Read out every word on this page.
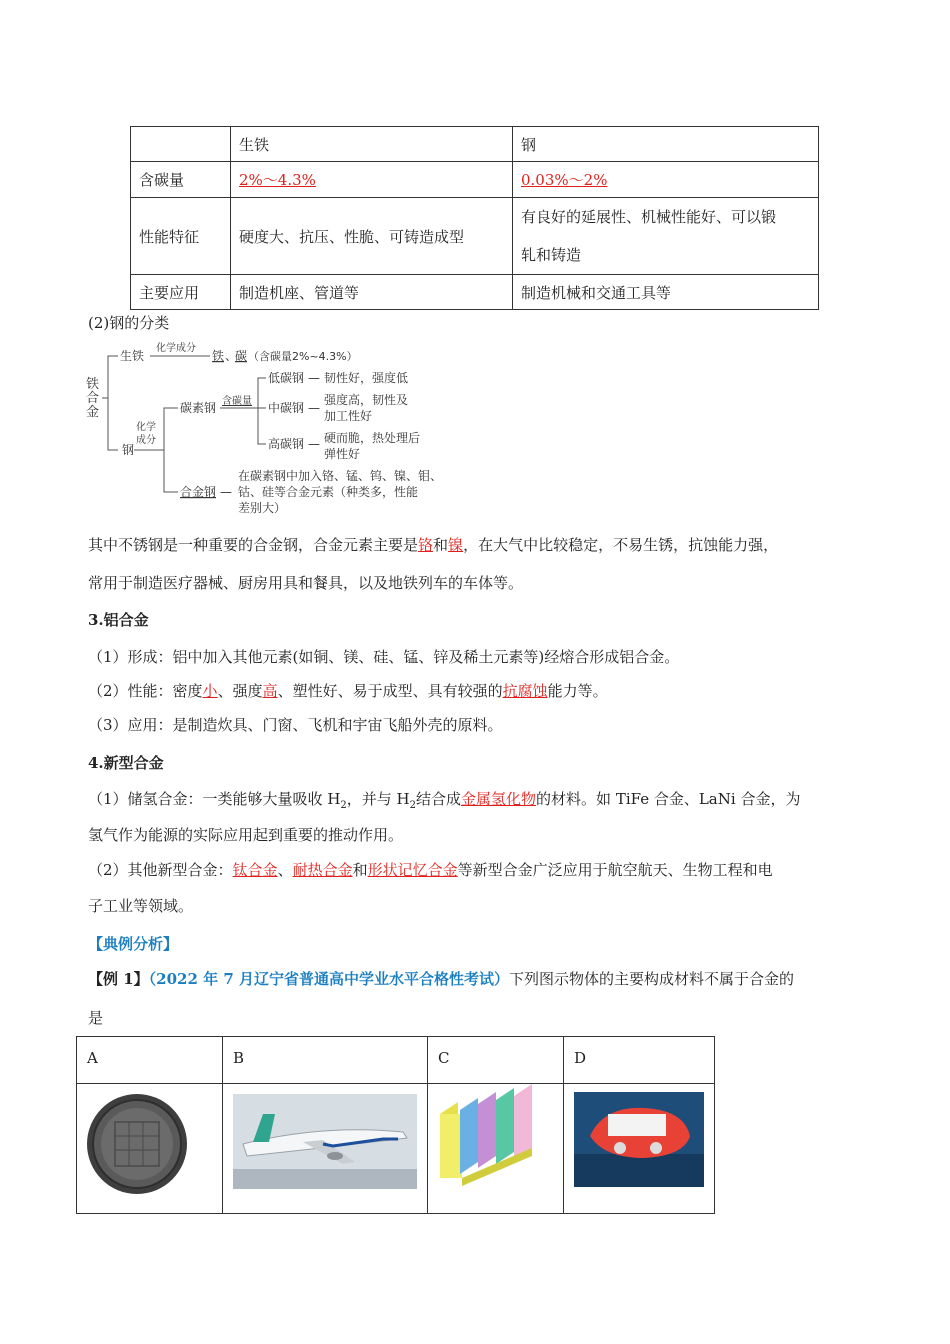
	生铁	钢
含碳量	2%～4.3%	0.03%～2%
性能特征	硬度大、抗压、性脆、可铸造成型	有良好的延展性、机械性能好、可以锻
轧和铸造

主要应用	制造机座、管道等	制造机械和交通工具等
(2)钢的分类
铁
合
金
生铁
化学成分
铁 、
碳 （含碳量2%~4.3%）
钢
化学
成分
碳素钢 含碳量
低碳钢 — 韧性好，强度低
中碳钢 —
强度高，韧性及
加工性好
高碳钢 — 硬而脆，热处理后
弹性好
合金钢 —
在碳素钢中加入铬、锰、钨、镍、钼、
钴、硅等合金元素（种类多，性能
差别大）
其中不锈钢是一种重要的合金钢，合金元素主要是铬和镍，在大气中比较稳定，不易生锈，抗蚀能力强，
常用于制造医疗器械、厨房用具和餐具，以及地铁列车的车体等。
3.铝合金
（1）形成：铝中加入其他元素(如铜、镁、硅、锰、锌及稀土元素等)经熔合形成铝合金。
（2）性能：密度小、强度高、塑性好、易于成型、具有较强的抗腐蚀能力等。
（3）应用：是制造炊具、门窗、飞机和宇宙飞船外壳的原料。
4.新型合金
（1）储氢合金：一类能够大量吸收 $H_2$，并与 $H_2$结合成金属氢化物的材料。如 TiFe 合金、LaNi 合金，为
氢气作为能源的实际应用起到重要的推动作用。
（2）其他新型合金：钛合金、耐热合金和形状记忆合金等新型合金广泛应用于航空航天、生物工程和电
子工业等领域。
【典例分析】
【例 1】（2022 年 7 月辽宁省普通高中学业水平合格性考试）下列图示物体的主要构成材料不属于合金的
是
A	B	C	D
